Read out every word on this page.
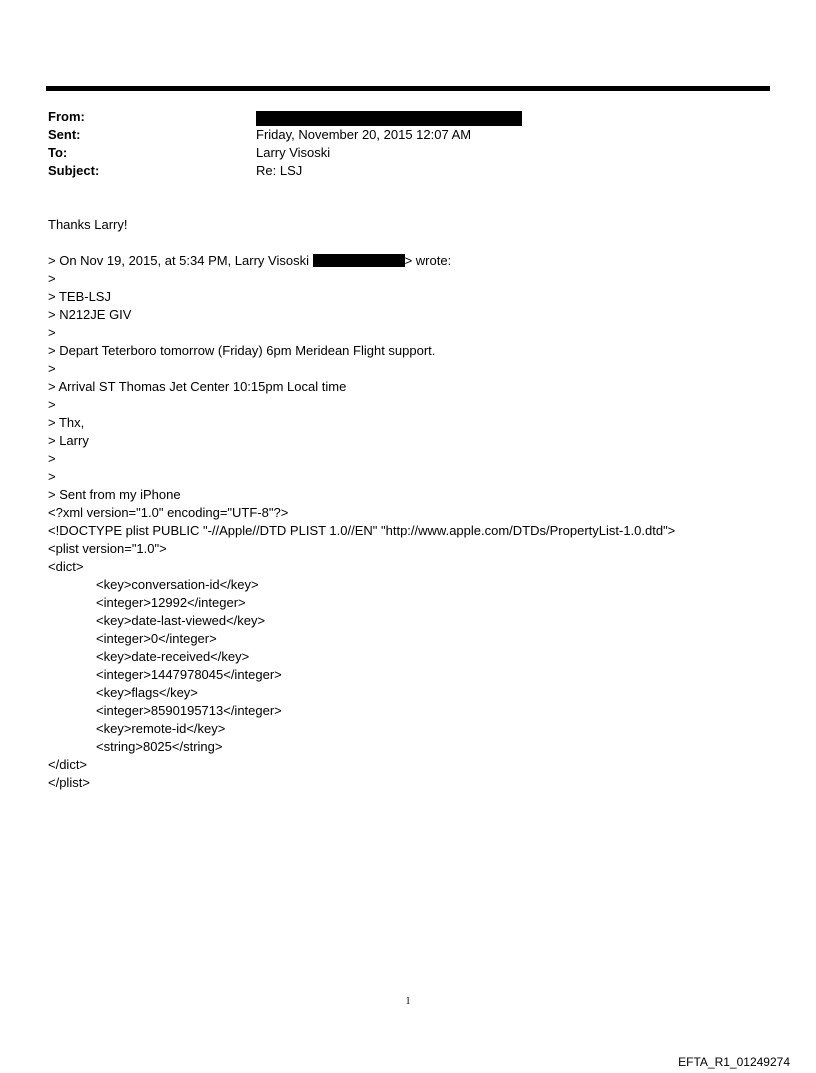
From:
Sent:	Friday, November 20, 2015 12:07 AM
To:	Larry Visoski
Subject:	Re: LSJ
Thanks Larry!
> On Nov 19, 2015, at 5:34 PM, Larry Visoski	> wrote:
>
> TEB-LSJ
> N212JE GIV
>
> Depart Teterboro tomorrow (Friday) 6pm Meridean Flight support.
>
> Arrival ST Thomas Jet Center 10:15pm Local time
>
> Thx,
> Larry
>
>
> Sent from my iPhone
<?xml version="1.0" encoding="UTF-8"?>
<!DOCTYPE plist PUBLIC "-//Apple//DTD PLIST 1.0//EN" "http://www.apple.com/DTDs/PropertyList-1.0.dtd">
<plist version="1.0">
<dict>
<key>conversation-id</key>
<integer>12992</integer>
<key>date-last-viewed</key>
<integer>0</integer>
<key>date-received</key>
<integer>1447978045</integer>
<key>flags</key>
<integer>8590195713</integer>
<key>remote-id</key>
<string>8025</string>
</dict>
</plist>
1
EFTA_R1_01249274
